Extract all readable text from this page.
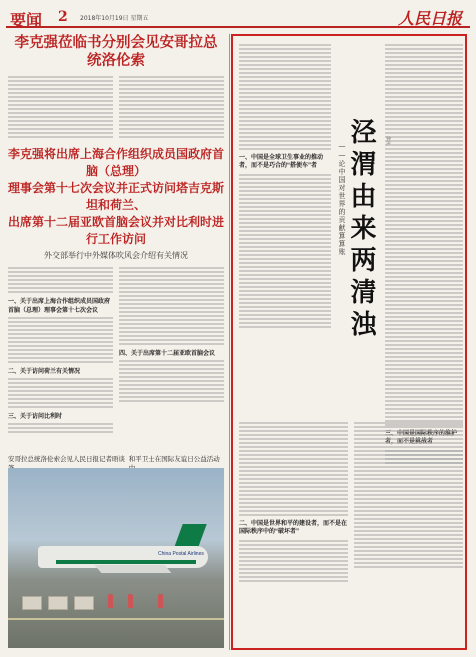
要闻 2 2018年10月19日 星期五	人民日报
李克强莅临书分别会见安哥拉总统洛伦索
李克强将出席上海合作组织成员国政府首脑（总理）
理事会第十七次会议并正式访问塔吉克斯坦和荷兰、
出席第十二届亚欧首脑会议并对比利时进行工作访问
外交部举行中外媒体吹风会介绍有关情况
一、关于出席上海合作组织成员国政府首脑（总理）理事会第十七次会议
二、关于访问荷兰有关情况
三、关于访问比利时
四、关于出席第十二届亚欧首脑会议
安哥拉总统洛伦索会见人民日报记者晤谈 和平卫士在国际友谊日公益活动
China Postal Airlines
一、中国是全球卫生事业的推动者，而不是巧合的“搭便车”者	泾渭由来两清浊
——论中国对世界的贡献算算账
二、中国是世界和平的建设者，而不是在国际秩序中的“破坏者”
